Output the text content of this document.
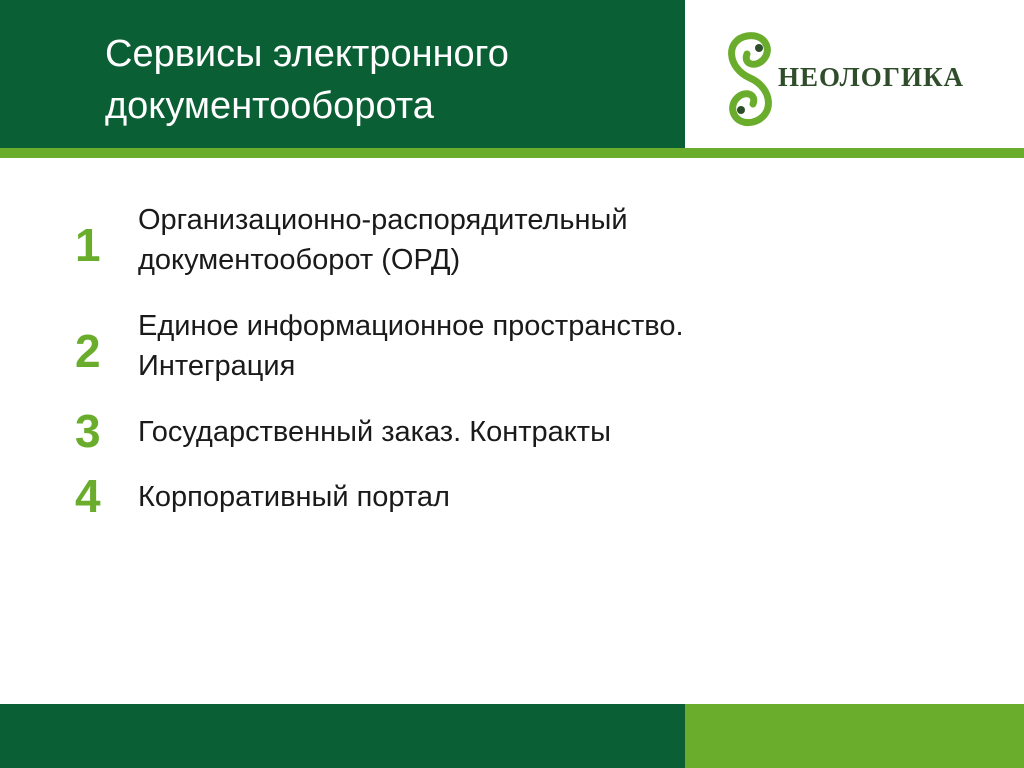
Сервисы электронного
документооборота
НЕОЛОГИКА
1	Организационно-распорядительный
документооборот (ОРД)
2	Единое информационное пространство.
Интеграция
3	Государственный заказ. Контракты
4	Корпоративный портал
